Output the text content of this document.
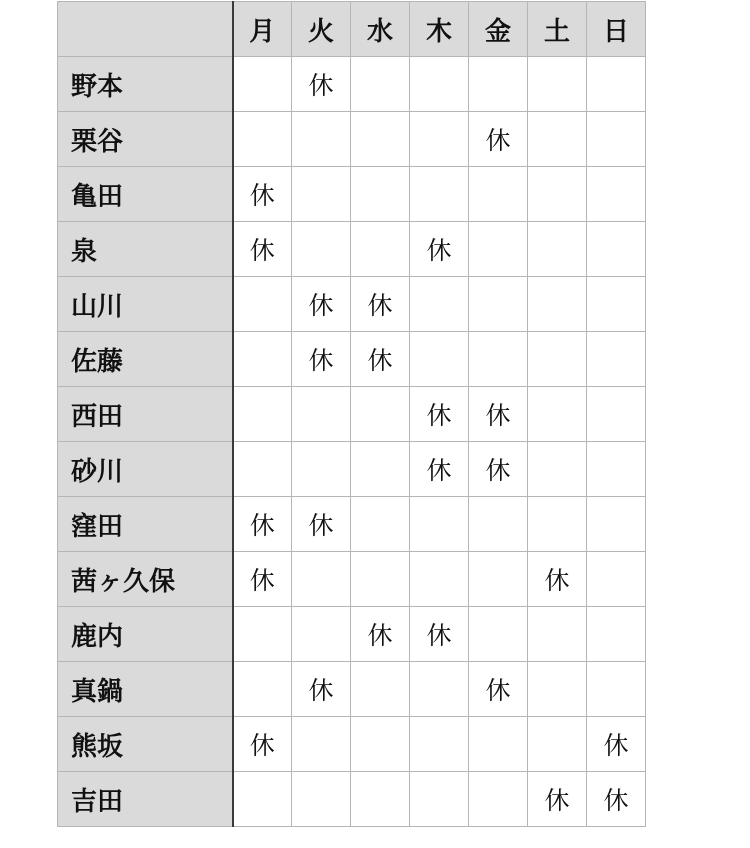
	月	火	水	木	金	土	日
野本		休					
栗谷					休		
亀田	休						
泉	休			休			
山川		休	休				
佐藤		休	休				
西田				休	休		
砂川				休	休		
窪田	休	休					
茜ヶ久保	休					休	
鹿内			休	休			
真鍋		休			休		
熊坂	休						休
吉田						休	休
